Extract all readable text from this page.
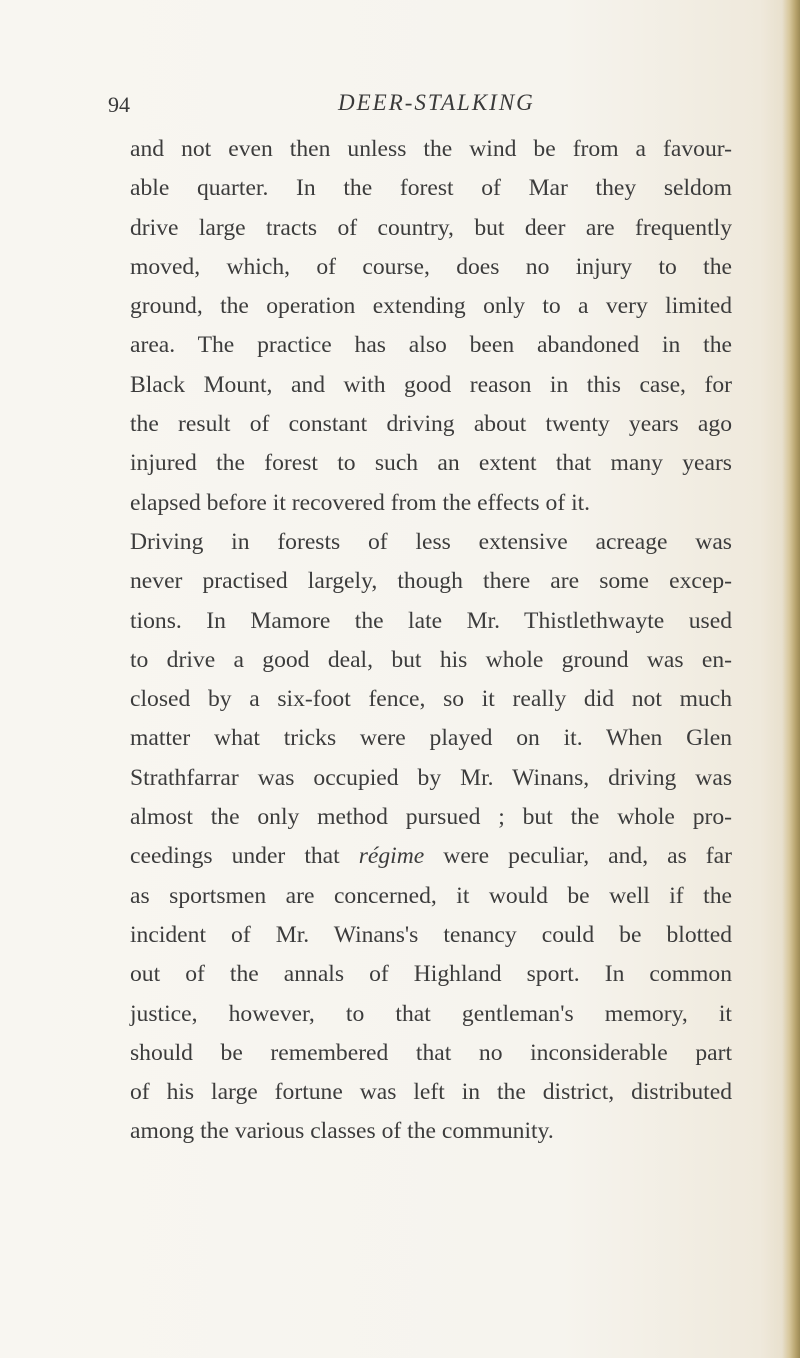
94	DEER-STALKING
and not even then unless the wind be from a favour-
able quarter. In the forest of Mar they seldom
drive large tracts of country, but deer are frequently
moved, which, of course, does no injury to the
ground, the operation extending only to a very limited
area. The practice has also been abandoned in the
Black Mount, and with good reason in this case, for
the result of constant driving about twenty years ago
injured the forest to such an extent that many years
elapsed before it recovered from the effects of it.
Driving in forests of less extensive acreage was
never practised largely, though there are some excep-
tions. In Mamore the late Mr. Thistlethwayte used
to drive a good deal, but his whole ground was en-
closed by a six-foot fence, so it really did not much
matter what tricks were played on it. When Glen
Strathfarrar was occupied by Mr. Winans, driving was
almost the only method pursued ; but the whole pro-
ceedings under that régime were peculiar, and, as far
as sportsmen are concerned, it would be well if the
incident of Mr. Winans's tenancy could be blotted
out of the annals of Highland sport. In common
justice, however, to that gentleman's memory, it
should be remembered that no inconsiderable part
of his large fortune was left in the district, distributed
among the various classes of the community.
